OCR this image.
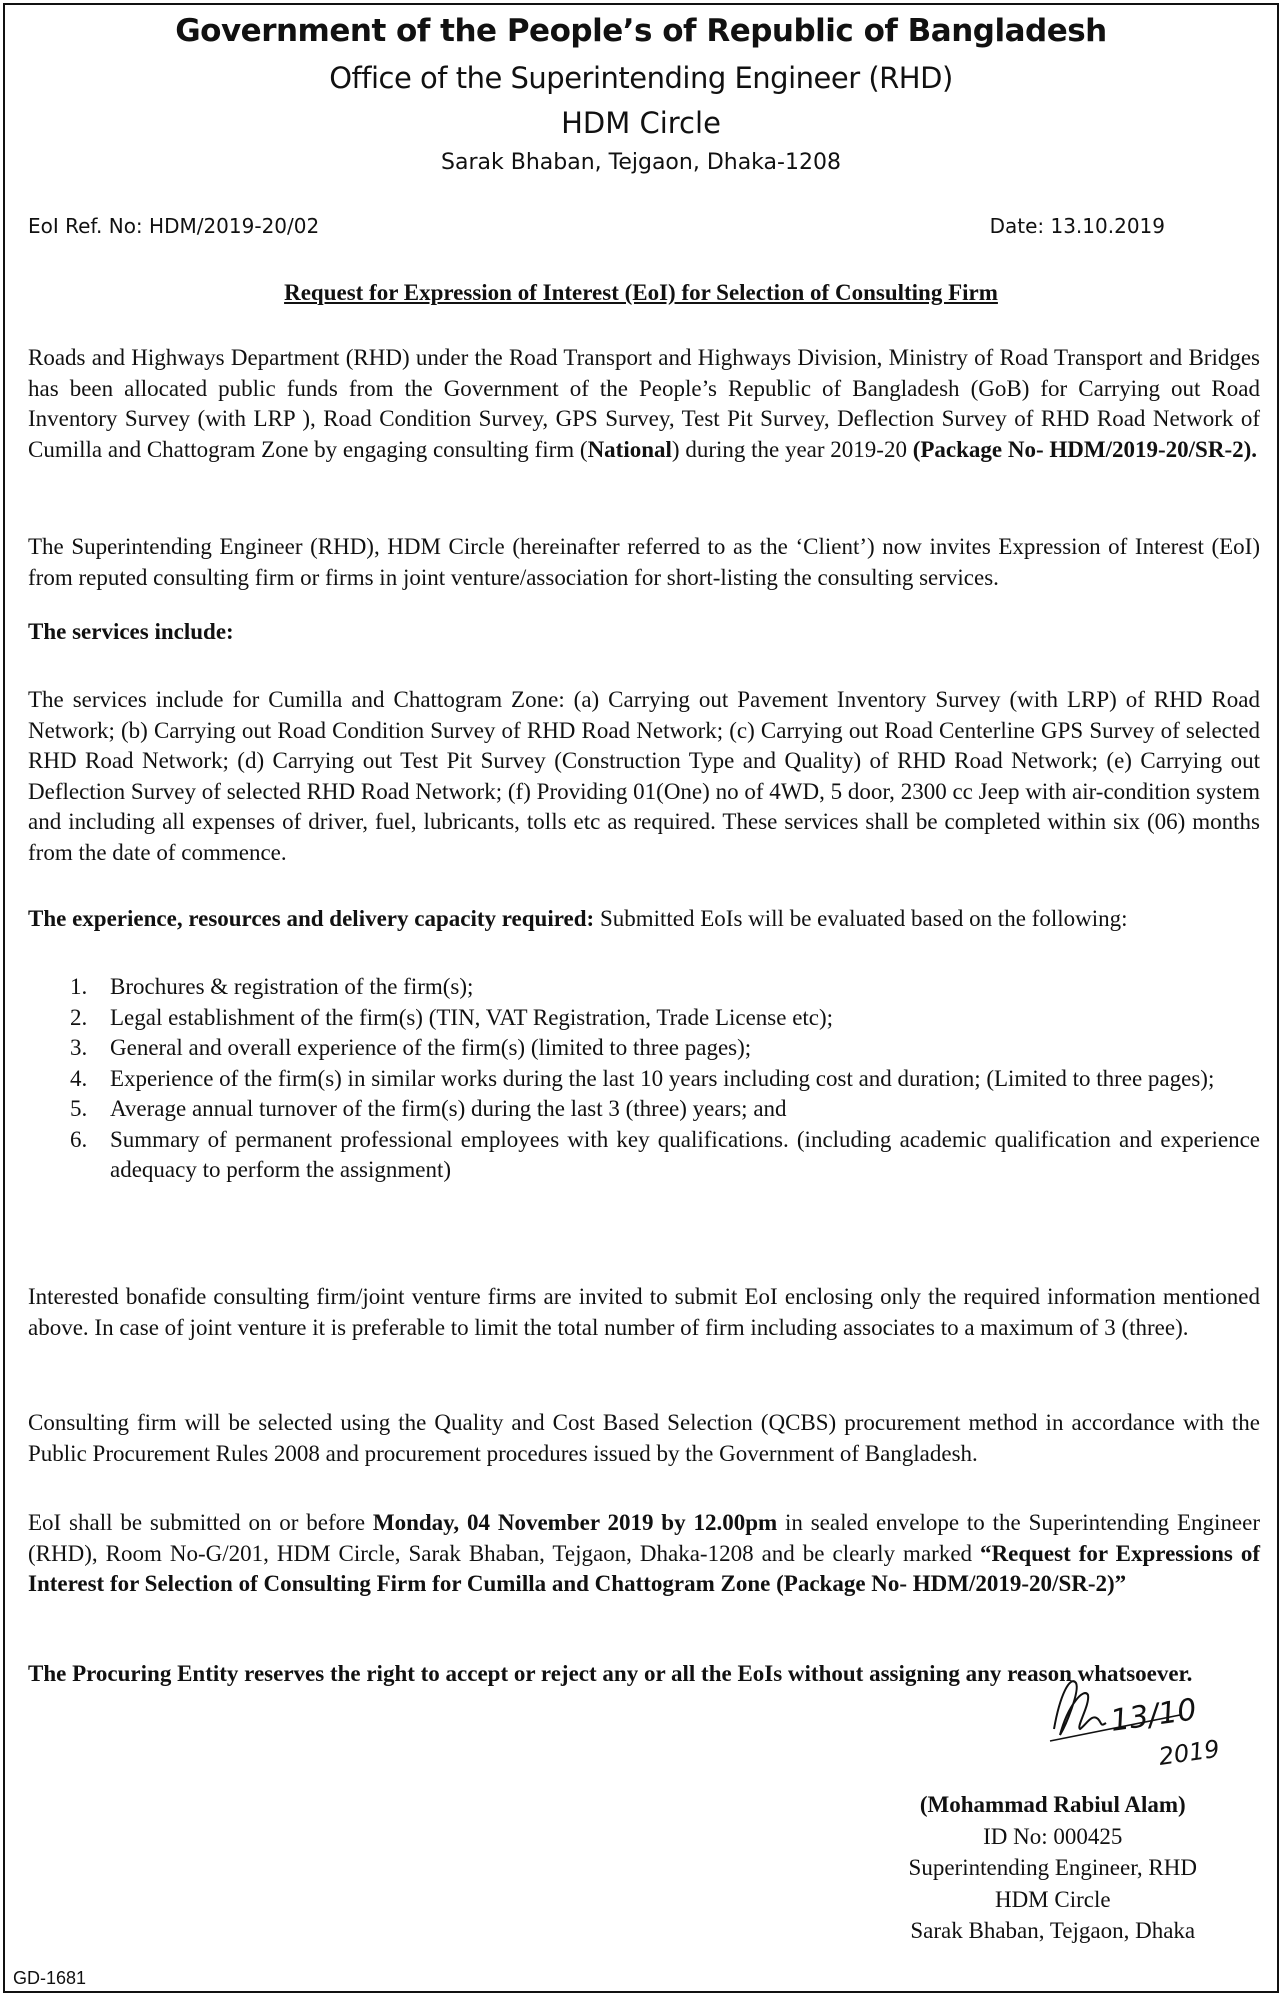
Government of the People’s of Republic of Bangladesh
Office of the Superintending Engineer (RHD)
HDM Circle
Sarak Bhaban, Tejgaon, Dhaka-1208
EoI Ref. No: HDM/2019-20/02	Date: 13.10.2019
Request for Expression of Interest (EoI) for Selection of Consulting Firm
Roads and Highways Department (RHD) under the Road Transport and Highways Division, Ministry of Road Transport and Bridges has been allocated public funds from the Government of the People’s Republic of Bangladesh (GoB) for Carrying out Road Inventory Survey (with LRP ), Road Condition Survey, GPS Survey, Test Pit Survey, Deflection Survey of RHD Road Network of Cumilla and Chattogram Zone by engaging consulting firm (National) during the year 2019-20 (Package No- HDM/2019-20/SR-2).
The Superintending Engineer (RHD), HDM Circle (hereinafter referred to as the ‘Client’) now invites Expression of Interest (EoI) from reputed consulting firm or firms in joint venture/association for short-listing the consulting services.
The services include:
The services include for Cumilla and Chattogram Zone: (a) Carrying out Pavement Inventory Survey (with LRP) of RHD Road Network; (b) Carrying out Road Condition Survey of RHD Road Network; (c) Carrying out Road Centerline GPS Survey of selected RHD Road Network; (d) Carrying out Test Pit Survey (Construction Type and Quality) of RHD Road Network; (e) Carrying out Deflection Survey of selected RHD Road Network; (f) Providing 01(One) no of 4WD, 5 door, 2300 cc Jeep with air-condition system and including all expenses of driver, fuel, lubricants, tolls etc as required. These services shall be completed within six (06) months from the date of commence.
The experience, resources and delivery capacity required: Submitted EoIs will be evaluated based on the following:
1. Brochures & registration of the firm(s);
2. Legal establishment of the firm(s) (TIN, VAT Registration, Trade License etc);
3. General and overall experience of the firm(s) (limited to three pages);
4. Experience of the firm(s) in similar works during the last 10 years including cost and duration; (Limited to three pages);
5. Average annual turnover of the firm(s) during the last 3 (three) years; and
6. Summary of permanent professional employees with key qualifications. (including academic qualification and experience adequacy to perform the assignment)
Interested bonafide consulting firm/joint venture firms are invited to submit EoI enclosing only the required information mentioned above. In case of joint venture it is preferable to limit the total number of firm including associates to a maximum of 3 (three).
Consulting firm will be selected using the Quality and Cost Based Selection (QCBS) procurement method in accordance with the Public Procurement Rules 2008 and procurement procedures issued by the Government of Bangladesh.
EoI shall be submitted on or before Monday, 04 November 2019 by 12.00pm in sealed envelope to the Superintending Engineer (RHD), Room No-G/201, HDM Circle, Sarak Bhaban, Tejgaon, Dhaka-1208 and be clearly marked “Request for Expressions of Interest for Selection of Consulting Firm for Cumilla and Chattogram Zone (Package No- HDM/2019-20/SR-2)”
The Procuring Entity reserves the right to accept or reject any or all the EoIs without assigning any reason whatsoever.
13/10
2019
(Mohammad Rabiul Alam)
ID No: 000425
Superintending Engineer, RHD
HDM Circle
Sarak Bhaban, Tejgaon, Dhaka
GD-1681
